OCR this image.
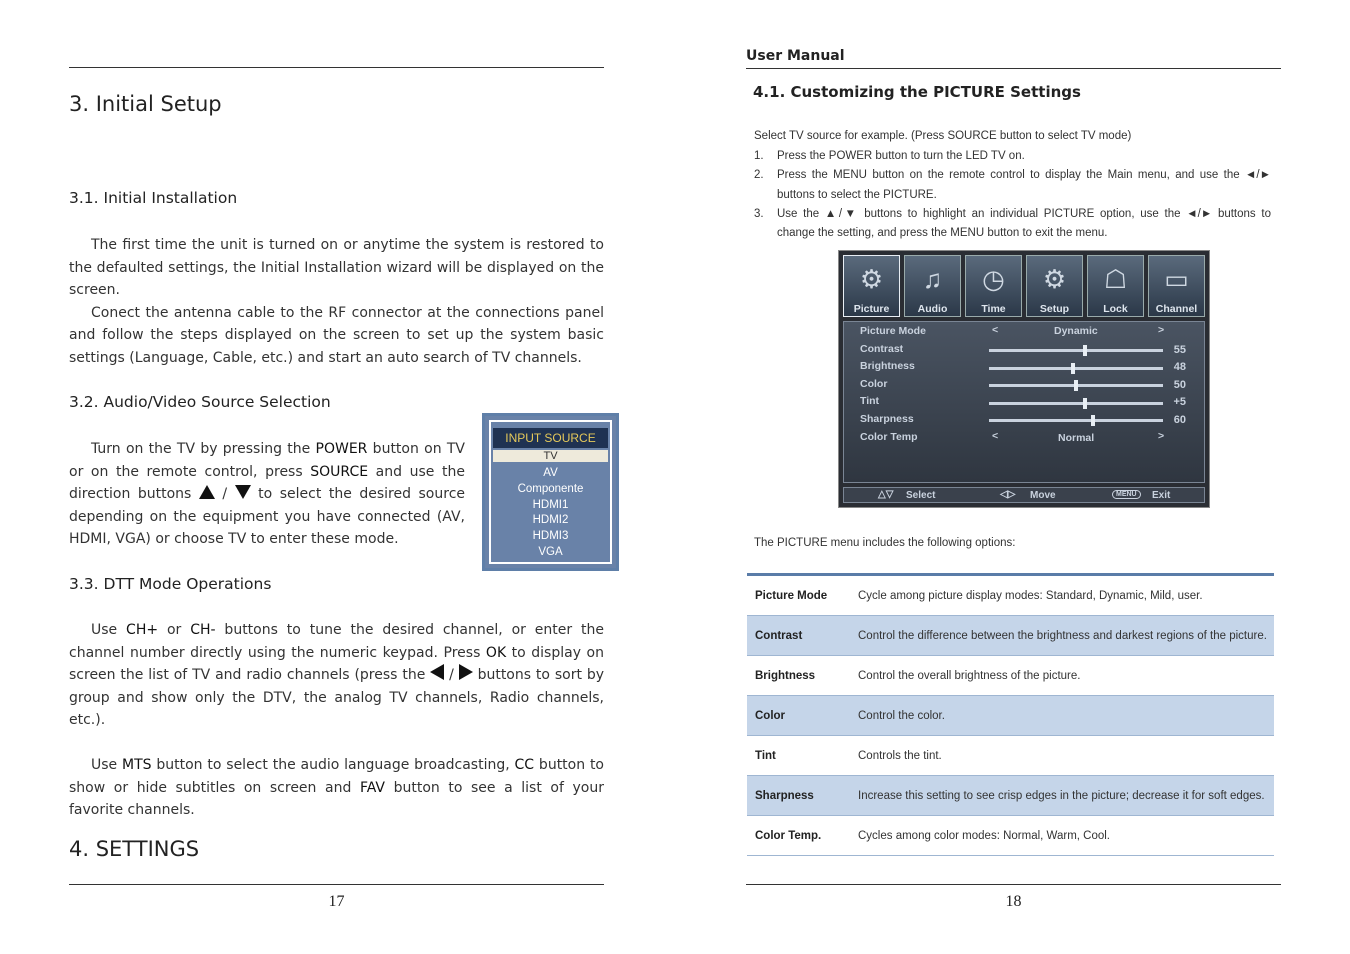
3. Initial Setup
3.1. Initial Installation

The first time the unit is turned on or anytime the system is restored to the defaulted settings, the Initial Installation wizard will be displayed on the screen.

Conect the antenna cable to the RF connector at the connections panel and follow the steps displayed on the screen to set up the system basic settings (Language, Cable, etc.) and start an auto search of TV channels.

3.2. Audio/Video Source Selection

Turn on the TV by pressing the POWER button on TV or on the remote control, press SOURCE and use the direction buttons  /  to select the desired source depending on the equipment you have connected (AV, HDMI, VGA) or choose TV to enter these mode.

INPUT SOURCE
TV
AV
Componente
HDMI1
HDMI2
HDMI3
VGA
3.3. DTT Mode Operations

Use CH+ or CH- buttons to tune the desired channel, or enter the channel number directly using the numeric keypad. Press OK to display on screen the list of TV and radio channels (press the  /  buttons to sort by group and show only the DTV, the analog TV channels, Radio channels, etc.).

Use MTS button to select the audio language broadcasting, CC button to show or hide subtitles on screen and FAV button to see a list of your favorite channels.

4. SETTINGS
17
User Manual
4.1. Customizing the PICTURE Settings
Select TV source for example. (Press SOURCE button to select TV mode)
1. Press the POWER button to turn the LED TV on.
2. Press the MENU button on the remote control to display the Main menu, and use the ◄/►
buttons to select the PICTURE.
3. Use the ▲/▼ buttons to highlight an individual PICTURE option, use the ◄/► buttons to
change the setting, and press the MENU button to exit the menu.
⚙
Picture
♫
Audio
◷
Time
⚙
Setup
☖
Lock
▭
Channel
Picture Mode	<	Dynamic	>
Contrast	55
Brightness	48
Color	50
Tint	+5
Sharpness	60
Color Temp	<	Normal	>
△▽ Select	◁▷ Move	MENU	Exit
The PICTURE menu includes the following options:
Picture Mode	Cycle among picture display modes: Standard, Dynamic, Mild, user.
Contrast	Control the difference between the brightness and darkest regions of the picture.
Brightness	Control the overall brightness of the picture.
Color	Control the color.
Tint	Controls the tint.
Sharpness	Increase this setting to see crisp edges in the picture; decrease it for soft edges.
Color Temp.	Cycles among color modes: Normal, Warm, Cool.
18
